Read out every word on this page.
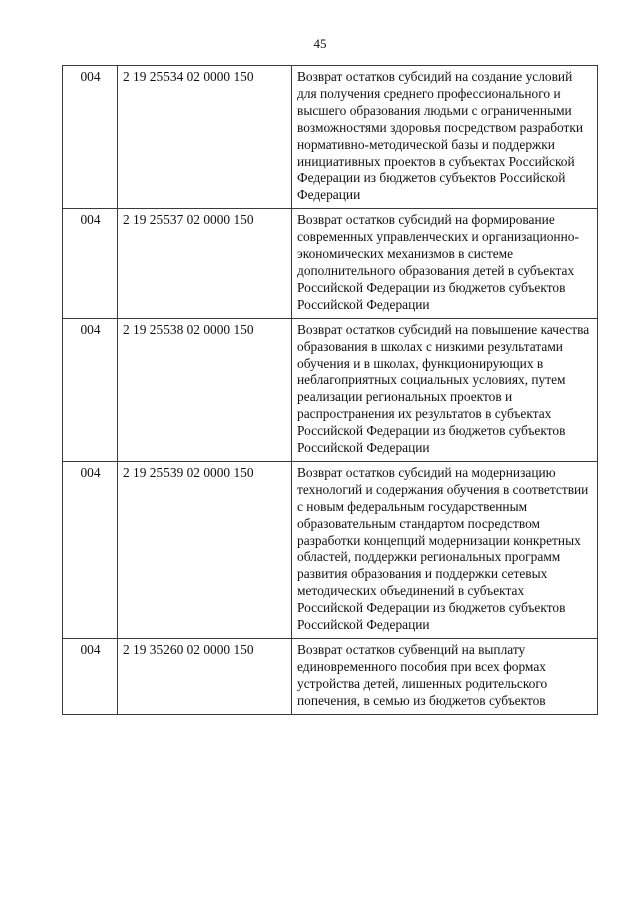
45
004	2 19 25534 02 0000 150	Возврат остатков субсидий на создание условий для получения среднего профессионального и высшего образования людьми с ограниченными возможностями здоровья посредством разработки нормативно-методической базы и поддержки инициативных проектов в субъектах Российской Федерации из бюджетов субъектов Российской Федерации
004	2 19 25537 02 0000 150	Возврат остатков субсидий на формирование современных управленческих и организационно-экономических механизмов в системе дополнительного образования детей в субъектах Российской Федерации из бюджетов субъектов Российской Федерации
004	2 19 25538 02 0000 150	Возврат остатков субсидий на повышение качества образования в школах с низкими результатами обучения и в школах, функционирующих в неблагоприятных социальных условиях, путем реализации региональных проектов и распространения их результатов в субъектах Российской Федерации из бюджетов субъектов Российской Федерации
004	2 19 25539 02 0000 150	Возврат остатков субсидий на модернизацию технологий и содержания обучения в соответствии с новым федеральным государственным образовательным стандартом посредством разработки концепций модернизации конкретных областей, поддержки региональных программ развития образования и поддержки сетевых методических объединений в субъектах Российской Федерации из бюджетов субъектов Российской Федерации
004	2 19 35260 02 0000 150	Возврат остатков субвенций на выплату единовременного пособия при всех формах устройства детей, лишенных родительского попечения, в семью из бюджетов субъектов
